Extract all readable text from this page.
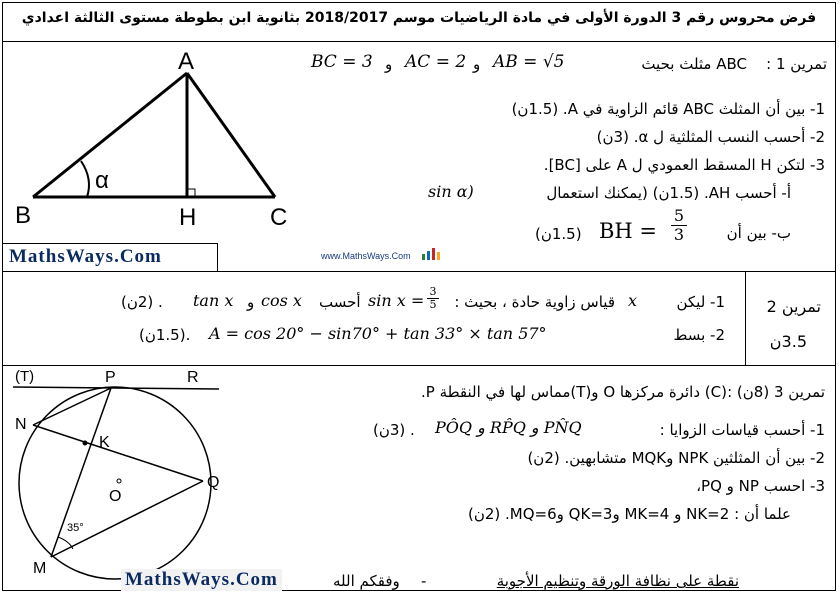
فرض محروس رقم 3 الدورة الأولى في مادة الرياضيات موسم 2018/2017 بثانوية ابن بطوطة مستوى الثالثة اعدادي
A
B	H	C
α
تمرين 1 :
ABC مثلث بحيث
AB = √5
و
AC = 2
و
BC = 3
1- بين أن المثلث ABC قائم الزاوية في A. (1.5ن)
2- أحسب النسب المثلثية ل α. (3ن)
3- لتكن H المسقط العمودي ل A على [BC].
أ- أحسب AH. (1.5ن) (يمكنك استعمال
sin α)
ب- بين أن
BH = $\frac{5}{3}$
(1.5ن)
www.MathsWays.Com
MathsWays.Com
تمرين 2
3.5ن
1- ليكن
x
قياس زاوية حادة ، بحيث :
$\sin x = \frac{3}{5}$
أحسب
cos x
و
tan x
. (2ن)
2- بسط
A = cos 20° − sin70° + tan 33° × tan 57°
.(1.5ن)
(T)	P	R
N
K
O
Q
M
35°
تمرين 3 (8ن) :
(C) دائرة مركزها O و(T)مماس لها في النقطة P.
1- أحسب قياسات الزوايا :
PN̂Q و RP̂Q و PÔQ
. (3ن)
2- بين أن المثلثين NPK وMQK متشابهين. (2ن)
3- احسب NP و PQ،
علما أن : NK=2 و MK=4 وQK=3 وMQ=6. (2ن)
نقطة على نظافة الورقة وتنظيم الأجوبة
-
وفقكم الله
MathsWays.Com
